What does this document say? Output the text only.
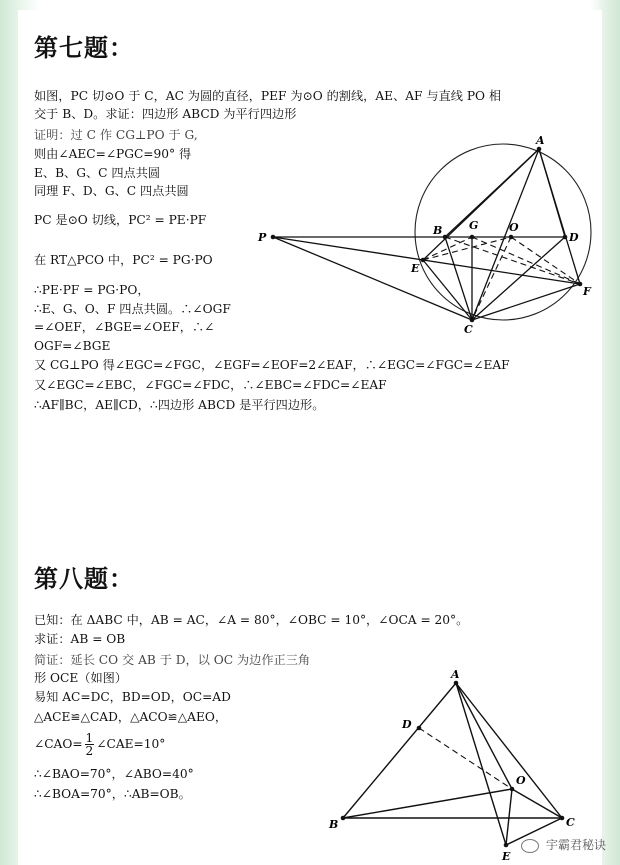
第七题：
如图，PC 切⊙O 于 C，AC 为圆的直径，PEF 为⊙O 的割线，AE、AF 与直线 PO 相
交于 B、D。求证：四边形 ABCD 为平行四边形
证明：过 C 作 CG⊥PO 于 G,
则由∠AEC=∠PGC=90° 得
E、B、G、C 四点共圆
同理 F、D、G、C 四点共圆
PC 是⊙O 切线，PC² = PE·PF
在 RT△PCO 中，PC² = PG·PO
∴PE·PF = PG·PO，
∴E、G、O、F 四点共圆。∴∠OGF
=∠OEF，∠BGE=∠OEF，∴∠
OGF=∠BGE
又 CG⊥PO 得∠EGC=∠FGC，∠EGF=∠EOF=2∠EAF，∴∠EGC=∠FGC=∠EAF
又∠EGC=∠EBC，∠FGC=∠FDC，∴∠EBC=∠FDC=∠EAF
∴AF∥BC，AE∥CD，∴四边形 ABCD 是平行四边形。
A
B G	O
D
P
E
F
C
第八题：
已知：在 ΔABC 中，AB = AC，∠A = 80°，∠OBC = 10°，∠OCA = 20°。
求证：AB = OB
简证：延长 CO 交 AB 于 D，以 OC 为边作正三角
形 OCE（如图）
易知 AC=DC，BD=OD，OC=AD
△ACE≌△CAD，△ACO≌△AEO，
∠CAO= $\frac{1}{2}$ ∠CAE=10°
∴∠BAO=70°，∠ABO=40°
∴∠BOA=70°，∴AB=OB。
A
D
O
B	C
E
宇霸君秘诀
